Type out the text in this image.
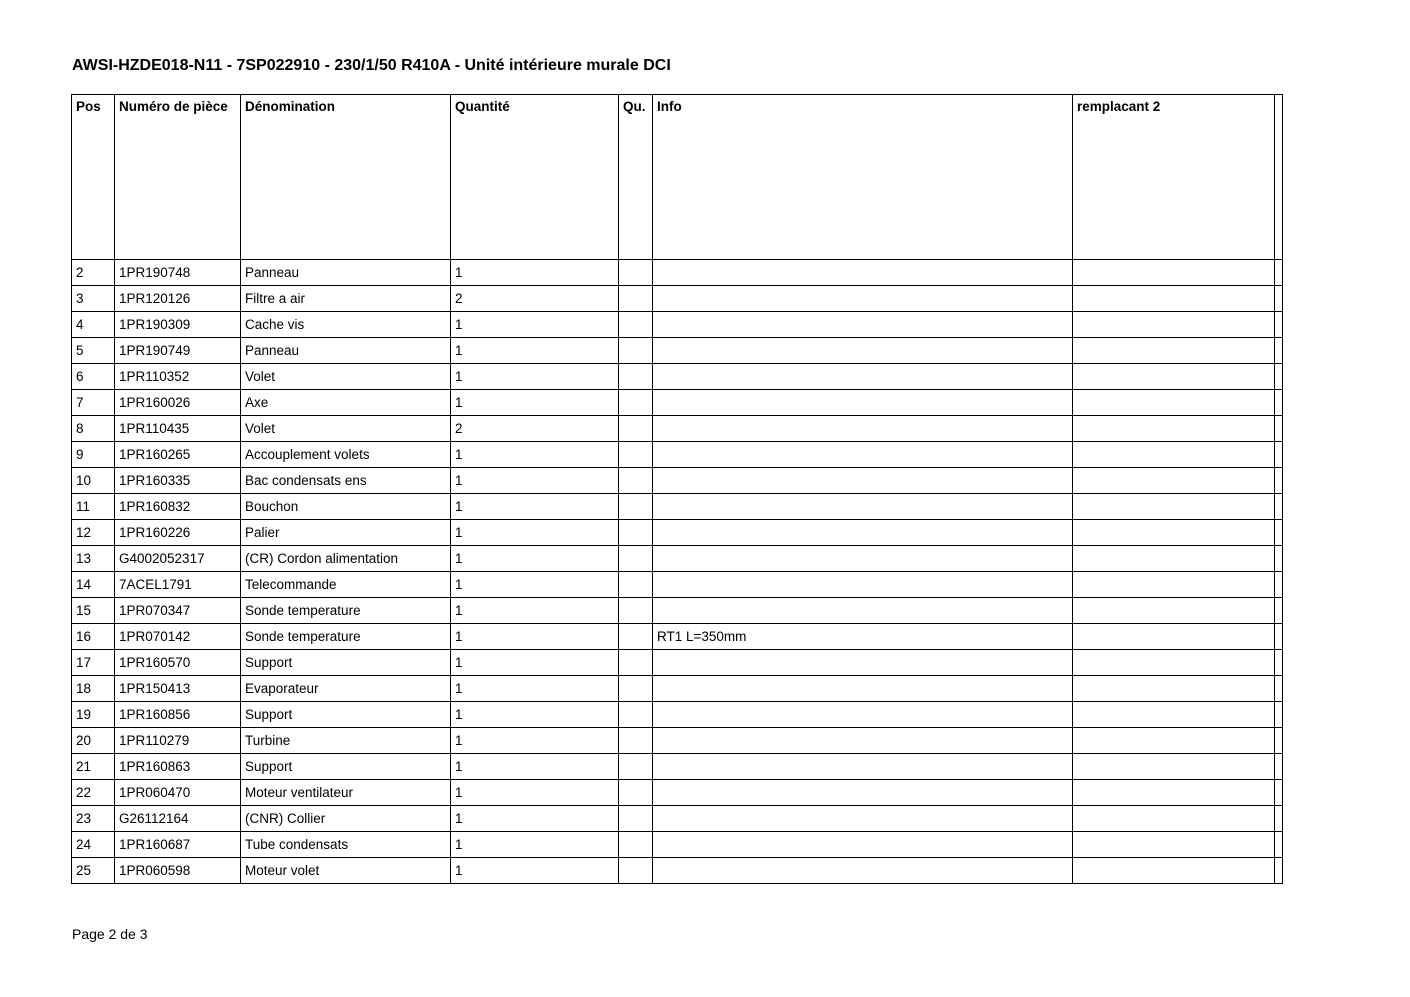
AWSI-HZDE018-N11 - 7SP022910 - 230/1/50 R410A - Unité intérieure murale DCI
Pos	Numéro de pièce	Dénomination	Quantité	Qu.	Info	remplacant 2	
2	1PR190748	Panneau	1				
3	1PR120126	Filtre a air	2				
4	1PR190309	Cache vis	1				
5	1PR190749	Panneau	1				
6	1PR110352	Volet	1				
7	1PR160026	Axe	1				
8	1PR110435	Volet	2				
9	1PR160265	Accouplement volets	1				
10	1PR160335	Bac condensats ens	1				
11	1PR160832	Bouchon	1				
12	1PR160226	Palier	1				
13	G4002052317	(CR) Cordon alimentation	1				
14	7ACEL1791	Telecommande	1				
15	1PR070347	Sonde temperature	1				
16	1PR070142	Sonde temperature	1		RT1 L=350mm		
17	1PR160570	Support	1				
18	1PR150413	Evaporateur	1				
19	1PR160856	Support	1				
20	1PR110279	Turbine	1				
21	1PR160863	Support	1				
22	1PR060470	Moteur ventilateur	1				
23	G26112164	(CNR) Collier	1				
24	1PR160687	Tube condensats	1				
25	1PR060598	Moteur volet	1				
Page 2 de 3
